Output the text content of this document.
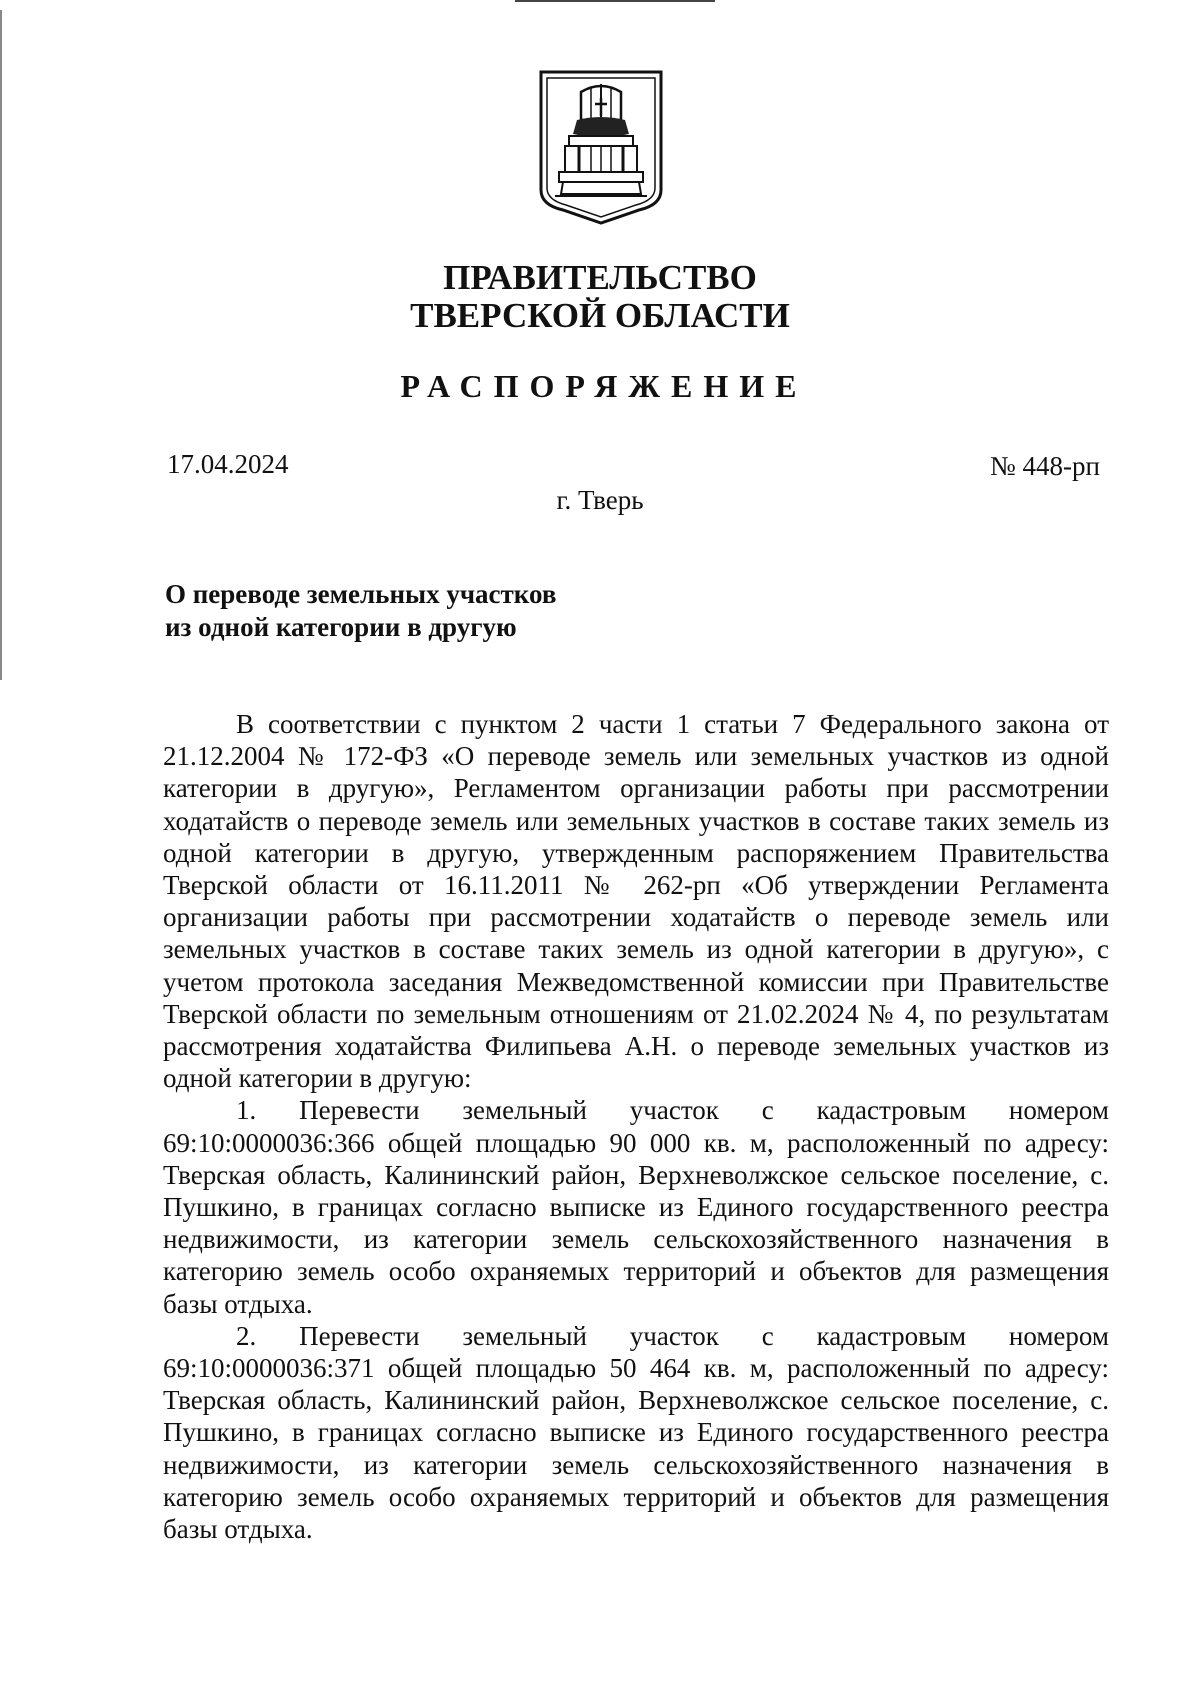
ПРАВИТЕЛЬСТВО
ТВЕРСКОЙ ОБЛАСТИ
РАСПОРЯЖЕНИЕ
17.04.2024	№ 448-рп
г. Тверь
О переводе земельных участков
из одной категории в другую

В соответствии с пунктом 2 части 1 статьи 7 Федерального закона от 21.12.2004 № 172-ФЗ «О переводе земель или земельных участков из одной категории в другую», Регламентом организации работы при рассмотрении ходатайств о переводе земель или земельных участков в составе таких земель из одной категории в другую, утвержденным распоряжением Правительства Тверской области от 16.11.2011 № 262-рп «Об утверждении Регламента организации работы при рассмотрении ходатайств о переводе земель или земельных участков в составе таких земель из одной категории в другую», с учетом протокола заседания Межведомственной комиссии при Правительстве Тверской области по земельным отношениям от 21.02.2024 № 4, по результатам рассмотрения ходатайства Филипьева А.Н. о переводе земельных участков из одной категории в другую:

1. Перевести земельный участок с кадастровым номером 69:10:0000036:366 общей площадью 90 000 кв. м, расположенный по адресу: Тверская область, Калининский район, Верхневолжское сельское поселение, с. Пушкино, в границах согласно выписке из Единого государственного реестра недвижимости, из категории земель сельскохозяйственного назначения в категорию земель особо охраняемых территорий и объектов для размещения базы отдыха.

2. Перевести земельный участок с кадастровым номером 69:10:0000036:371 общей площадью 50 464 кв. м, расположенный по адресу: Тверская область, Калининский район, Верхневолжское сельское поселение, с. Пушкино, в границах согласно выписке из Единого государственного реестра недвижимости, из категории земель сельскохозяйственного назначения в категорию земель особо охраняемых территорий и объектов для размещения базы отдыха.
